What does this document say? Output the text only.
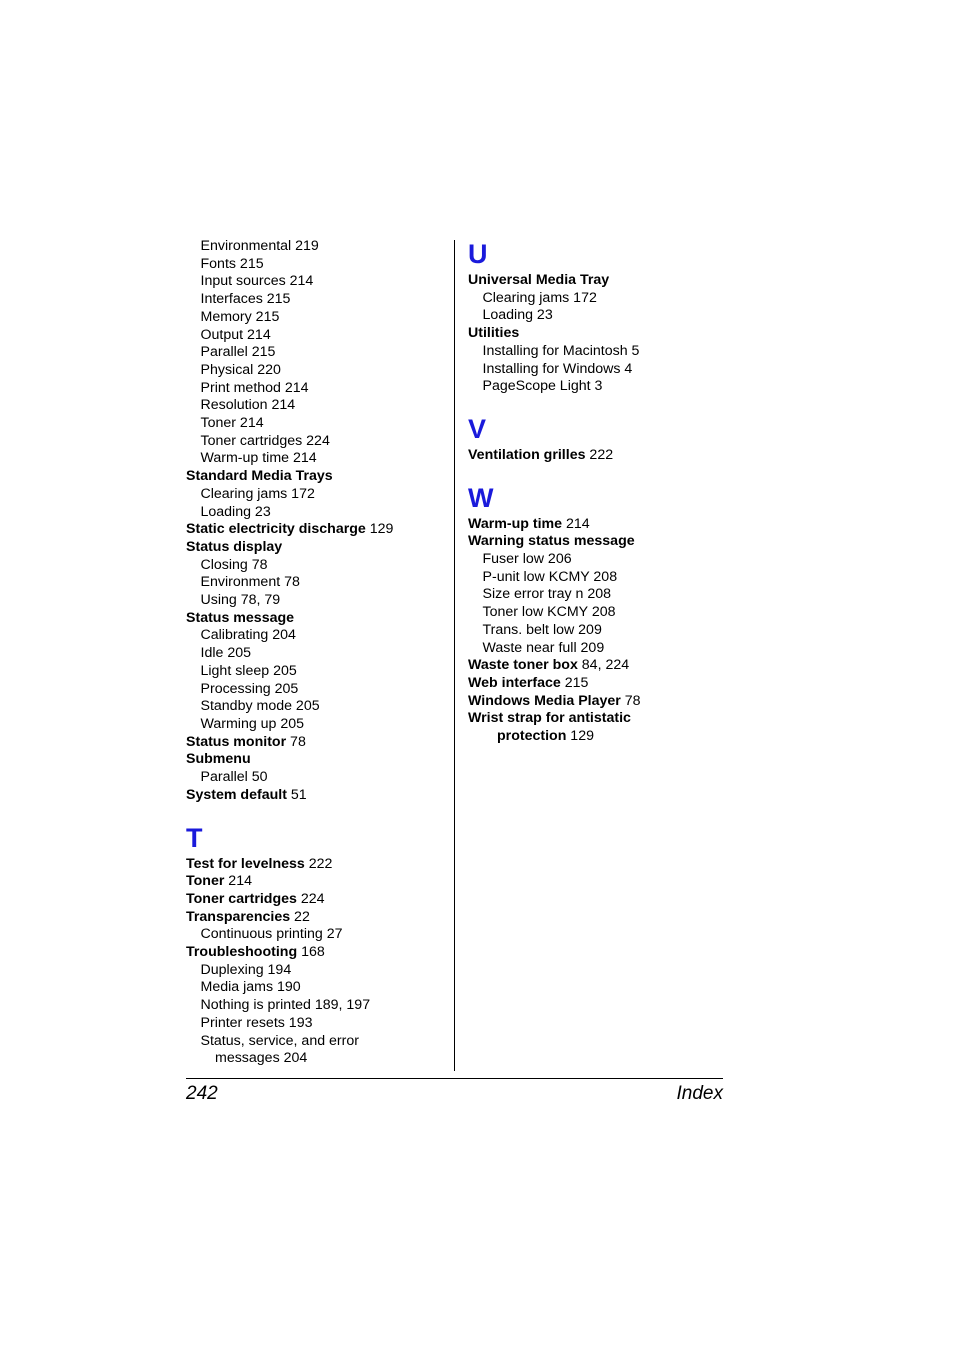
Environmental 219
Fonts 215
Input sources 214
Interfaces 215
Memory 215
Output 214
Parallel 215
Physical 220
Print method 214
Resolution 214
Toner 214
Toner cartridges 224
Warm-up time 214
Standard Media Trays
Clearing jams 172
Loading 23
Static electricity discharge 129
Status display
Closing 78
Environment 78
Using 78, 79
Status message
Calibrating 204
Idle 205
Light sleep 205
Processing 205
Standby mode 205
Warming up 205
Status monitor 78
Submenu
Parallel 50
System default 51
T
Test for levelness 222
Toner 214
Toner cartridges 224
Transparencies 22
Continuous printing 27
Troubleshooting 168
Duplexing 194
Media jams 190
Nothing is printed 189, 197
Printer resets 193
Status, service, and error
messages 204
U
Universal Media Tray
Clearing jams 172
Loading 23
Utilities
Installing for Macintosh 5
Installing for Windows 4
PageScope Light 3
V
Ventilation grilles 222
W
Warm-up time 214
Warning status message
Fuser low 206
P-unit low KCMY 208
Size error tray n 208
Toner low KCMY 208
Trans. belt low 209
Waste near full 209
Waste toner box 84, 224
Web interface 215
Windows Media Player 78
Wrist strap for antistatic
protection 129
242	Index
